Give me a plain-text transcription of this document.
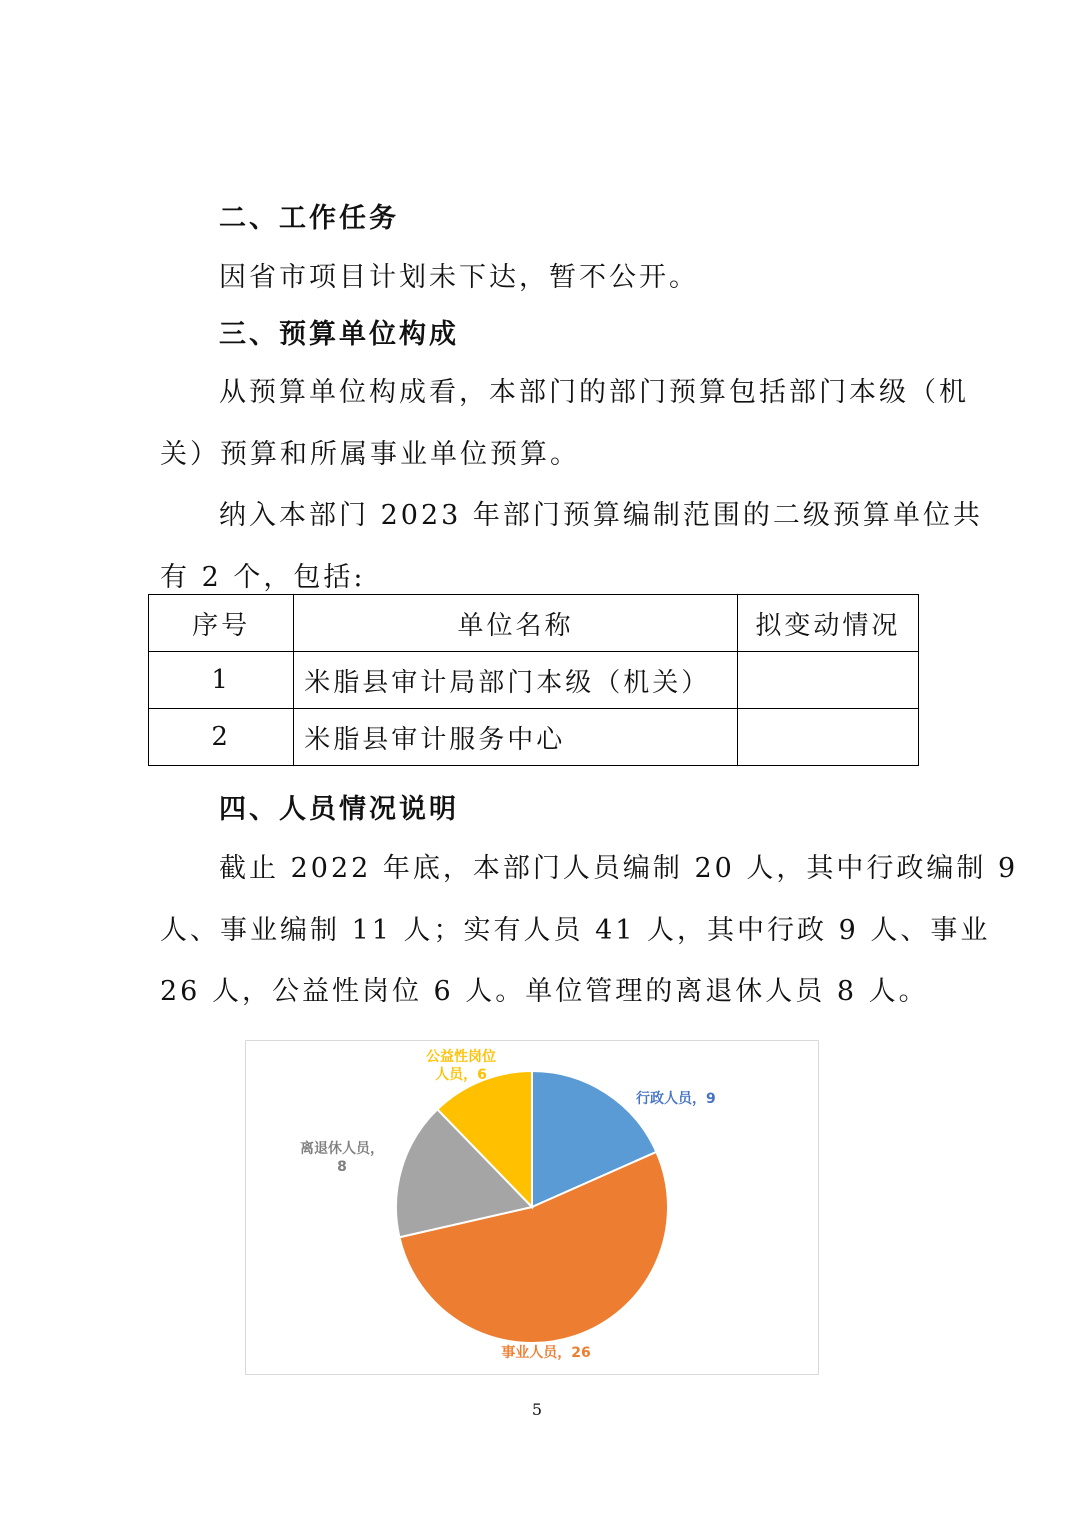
二、工作任务
因省市项目计划未下达，暂不公开。
三、预算单位构成
从预算单位构成看，本部门的部门预算包括部门本级（机
关）预算和所属事业单位预算。
纳入本部门 2023 年部门预算编制范围的二级预算单位共
有 2 个，包括:
序号	单位名称	拟变动情况
1	米脂县审计局部门本级（机关）	
2	米脂县审计服务中心	
四、人员情况说明
截止 2022 年底，本部门人员编制 20 人，其中行政编制 9
人、事业编制 11 人；实有人员 41 人，其中行政 9 人、事业
26 人，公益性岗位 6 人。单位管理的离退休人员 8 人。
行政人员，9
事业人员，26
离退休人员， 8
公益性岗位人员，6
5
